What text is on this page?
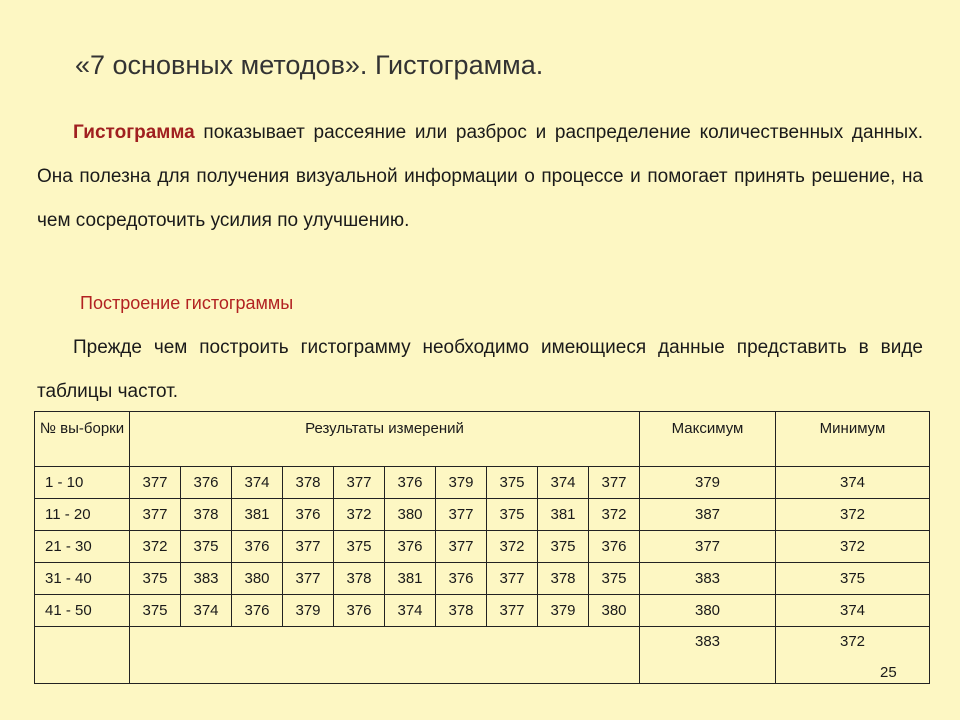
«7 основных методов». Гистограмма.
Гистограмма показывает рассеяние или разброс и распределение количественных данных. Она полезна для получения визуальной информации о процессе и помогает принять решение, на чем сосредоточить усилия по улучшению.
Построение гистограммы
Прежде чем построить гистограмму необходимо имеющиеся данные представить в виде таблицы частот.
№ вы-борки	Результаты измерений										Максимум	Минимум
1 - 10	377	376	374	378	377	376	379	375	374	377	379	374
11 - 20	377	378	381	376	372	380	377	375	381	372	387	372
21 - 30	372	375	376	377	375	376	377	372	375	376	377	372
31 - 40	375	383	380	377	378	381	376	377	378	375	383	375
41 - 50	375	374	376	379	376	374	378	377	379	380	380	374
											383	372
25
